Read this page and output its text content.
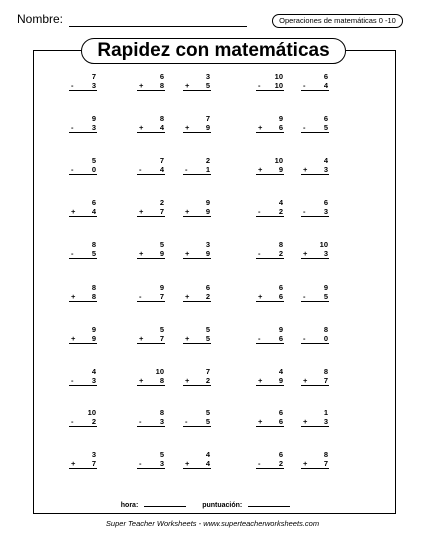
Nombre:	Operaciones de matemáticas 0 -10
Rapidez con matemáticas
7
- 3
6
+ 8
3
+ 5
10
- 10
6
- 4
9
- 3
8
+ 4
7
+ 9
9
+ 6
6
- 5
5
- 0
7
- 4
2
- 1
10
+ 9
4
+ 3
6
+ 4
2
+ 7
9
+ 9
4
- 2
6
- 3
8
- 5
5
+ 9
3
+ 9
8
- 2
10
+ 3
8
+ 8
9
- 7
6
+ 2
6
+ 6
9
- 5
9
+ 9
5
+ 7
5
+ 5
9
- 6
8
- 0
4
- 3
10
+ 8
7
+ 2
4
+ 9
8
+ 7
10
- 2
8
- 3
5
- 5
6
+ 6
1
+ 3
3
+ 7
5
- 3
4
+ 4
6
- 2
8
+ 7
hora:	puntuación:
Super Teacher Worksheets - www.superteacherworksheets.com
